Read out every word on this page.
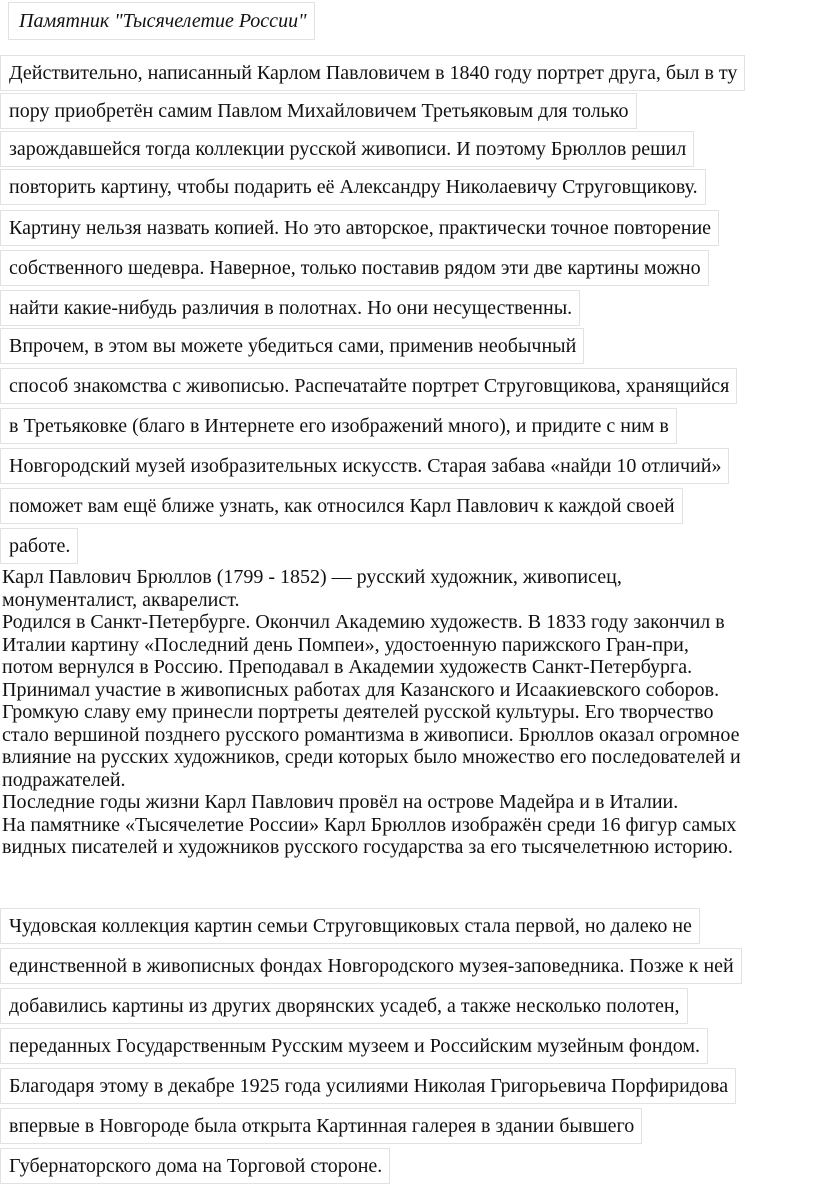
Памятник "Тысячелетие России"
Действительно, написанный Карлом Павловичем в 1840 году портрет друга, был в ту
пору приобретён самим Павлом Михайловичем Третьяковым для только
зарождавшейся тогда коллекции русской живописи. И поэтому Брюллов решил
повторить картину, чтобы подарить её Александру Николаевичу Струговщикову.
Картину нельзя назвать копией. Но это авторское, практически точное повторение
собственного шедевра. Наверное, только поставив рядом эти две картины можно
найти какие-нибудь различия в полотнах. Но они несущественны.
Впрочем, в этом вы можете убедиться сами, применив необычный
способ знакомства с живописью. Распечатайте портрет Струговщикова, хранящийся
в Третьяковке (благо в Интернете его изображений много), и придите с ним в
Новгородский музей изобразительных искусств. Старая забава «найди 10 отличий»
поможет вам ещё ближе узнать, как относился Карл Павлович к каждой своей
работе.

Карл Павлович Брюллов (1799 - 1852) — русский художник, живописец,

монументалист, акварелист.

Родился в Санкт-Петербурге. Окончил Академию художеств. В 1833 году закончил в

Италии картину «Последний день Помпеи», удостоенную парижского Гран-при,

потом вернулся в Россию. Преподавал в Академии художеств Санкт-Петербурга.

Принимал участие в живописных работах для Казанского и Исаакиевского соборов.

Громкую славу ему принесли портреты деятелей русской культуры. Его творчество

стало вершиной позднего русского романтизма в живописи. Брюллов оказал огромное

влияние на русских художников, среди которых было множество его последователей и

подражателей.

Последние годы жизни Карл Павлович провёл на острове Мадейра и в Италии.

На памятнике «Тысячелетие России» Карл Брюллов изображён среди 16 фигур самых

видных писателей и художников русского государства за его тысячелетнюю историю.

Чудовская коллекция картин семьи Струговщиковых стала первой, но далеко не
единственной в живописных фондах Новгородского музея-заповедника. Позже к ней
добавились картины из других дворянских усадеб, а также несколько полотен,
переданных Государственным Русским музеем и Российским музейным фондом.
Благодаря этому в декабре 1925 года усилиями Николая Григорьевича Порфиридова
впервые в Новгороде была открыта Картинная галерея в здании бывшего
Губернаторского дома на Торговой стороне.
